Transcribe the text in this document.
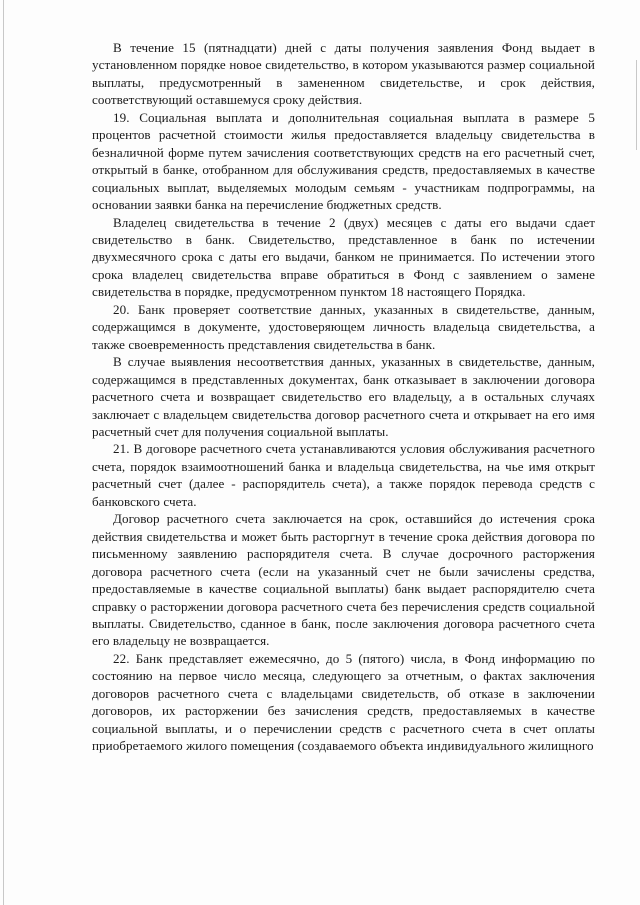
В течение 15 (пятнадцати) дней с даты получения заявления Фонд выдает в установленном порядке новое свидетельство, в котором указываются размер социальной выплаты, предусмотренный в замененном свидетельстве, и срок действия, соответствующий оставшемуся сроку действия.

19. Социальная выплата и дополнительная социальная выплата в размере 5 процентов расчетной стоимости жилья предоставляется владельцу свидетельства в безналичной форме путем зачисления соответствующих средств на его расчетный счет, открытый в банке, отобранном для обслуживания средств, предоставляемых в качестве социальных выплат, выделяемых молодым семьям - участникам подпрограммы, на основании заявки банка на перечисление бюджетных средств.

Владелец свидетельства в течение 2 (двух) месяцев с даты его выдачи сдает свидетельство в банк. Свидетельство, представленное в банк по истечении двухмесячного срока с даты его выдачи, банком не принимается. По истечении этого срока владелец свидетельства вправе обратиться в Фонд с заявлением о замене свидетельства в порядке, предусмотренном пунктом 18 настоящего Порядка.

20. Банк проверяет соответствие данных, указанных в свидетельстве, данным, содержащимся в документе, удостоверяющем личность владельца свидетельства, а также своевременность представления свидетельства в банк.

В случае выявления несоответствия данных, указанных в свидетельстве, данным, содержащимся в представленных документах, банк отказывает в заключении договора расчетного счета и возвращает свидетельство его владельцу, а в остальных случаях заключает с владельцем свидетельства договор расчетного счета и открывает на его имя расчетный счет для получения социальной выплаты.

21. В договоре расчетного счета устанавливаются условия обслуживания расчетного счета, порядок взаимоотношений банка и владельца свидетельства, на чье имя открыт расчетный счет (далее - распорядитель счета), а также порядок перевода средств с банковского счета.

Договор расчетного счета заключается на срок, оставшийся до истечения срока действия свидетельства и может быть расторгнут в течение срока действия договора по письменному заявлению распорядителя счета. В случае досрочного расторжения договора расчетного счета (если на указанный счет не были зачислены средства, предоставляемые в качестве социальной выплаты) банк выдает распорядителю счета справку о расторжении договора расчетного счета без перечисления средств социальной выплаты. Свидетельство, сданное в банк, после заключения договора расчетного счета его владельцу не возвращается.

22. Банк представляет ежемесячно, до 5 (пятого) числа, в Фонд информацию по состоянию на первое число месяца, следующего за отчетным, о фактах заключения договоров расчетного счета с владельцами свидетельств, об отказе в заключении договоров, их расторжении без зачисления средств, предоставляемых в качестве социальной выплаты, и о перечислении средств с расчетного счета в счет оплаты приобретаемого жилого помещения (создаваемого объекта индивидуального жилищного
